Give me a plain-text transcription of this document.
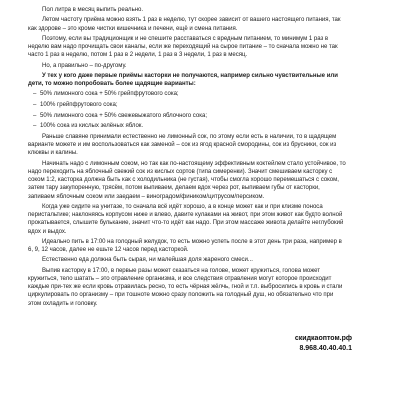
Пол литра в месяц выпить реально.

Летом частоту приёма можно взять 1 раз в неделю, тут скорее зависит от вашего настоящего питания, так как здорове – это кроме чистки кишечника и печени, ещё и смена питания.

Поэтому, если вы традиционщик и не спешите расставаться с вредным питанием, то минимум 1 раз в неделю вам надо прочищать свои каналы, если же переходящий на сырое питание – то сначала можно не так часто 1 раз в неделю, потом 1 раз в 2 недели, 1 раз в 3 недели, 1 раз в месяц.

Но, а правильно – по-другому.

У тех у кого даже первые приёмы касторки не получаются, например сильно чувствительные или дети, то можно попробовать более щадящие варианты:

– 50% лимонного сока + 50% грейпфрутового сока;
– 100% грейпфрутового сока;
– 50% лимонного сока + 50% свежевыжатого яблочного сока;
– 100% сока из кислых зелёных яблок.

Раньше славяне принимали естественно не лимонный сок, по этому если есть в наличии, то в щадящем варианте можете и им воспользоваться как заменой – сок из ягод красной смородины, сок из брусники, сок из клюквы и калины.

Начинать надо с лимонным соком, но так как по-настоящему эффективным коктейлем стало устойчивое, то надо переходить на яблочный свежий сок из кислых сортов (типа симеренки). Значит смешиваем касторку с соком 1:2, касторка должна быть как с холодильника (не густая), чтобы смогла хорошо перемешаться с соком, затем тару закупоренную, трясём, потом выпиваем, делаем вдох через рот, выпиваем губы от касторки, запиваем яблочным соком или заедаем – виноградом/фиником/цитрусом/персиком.

Когда уже сидите на унитазе, то сначала всё идёт хорошо, а в конце может как и при клизме поноса перистальтике; наклоняясь корпусом ниже и влево, давите кулаками на живот, при этом живот как будто волной прокатывается, слышите булькание, значит что-то идёт как надо. При этом массаже живота делайте неглубокий вдох и выдох.

Идеально пить в 17:00 на голодный желудок, то есть можно успеть после в этот день три раза, например в 6, 9, 12 часов, далее не ешьте 12 часов перед касторкой.

Естественно еда должна быть сырая, ни малейшая доля жареного смеси...

Выпив касторку в 17:00, в первые разы может сказаться на голове, может кружиться, голова может кружиться, тело шатать – это отравление организма, и все следствия отравления могут которое происходит каждые при-тех же если кровь отравилась ресно, то есть чёрная жёлчь, гной и т.п. выбросились в кровь и стали циркулировать по организму – при тошноте можно сразу положить на голодный душ, но обязательно что при этом охладить и головку.

скидкаоптом.рф
8.968.40.40.40.1
